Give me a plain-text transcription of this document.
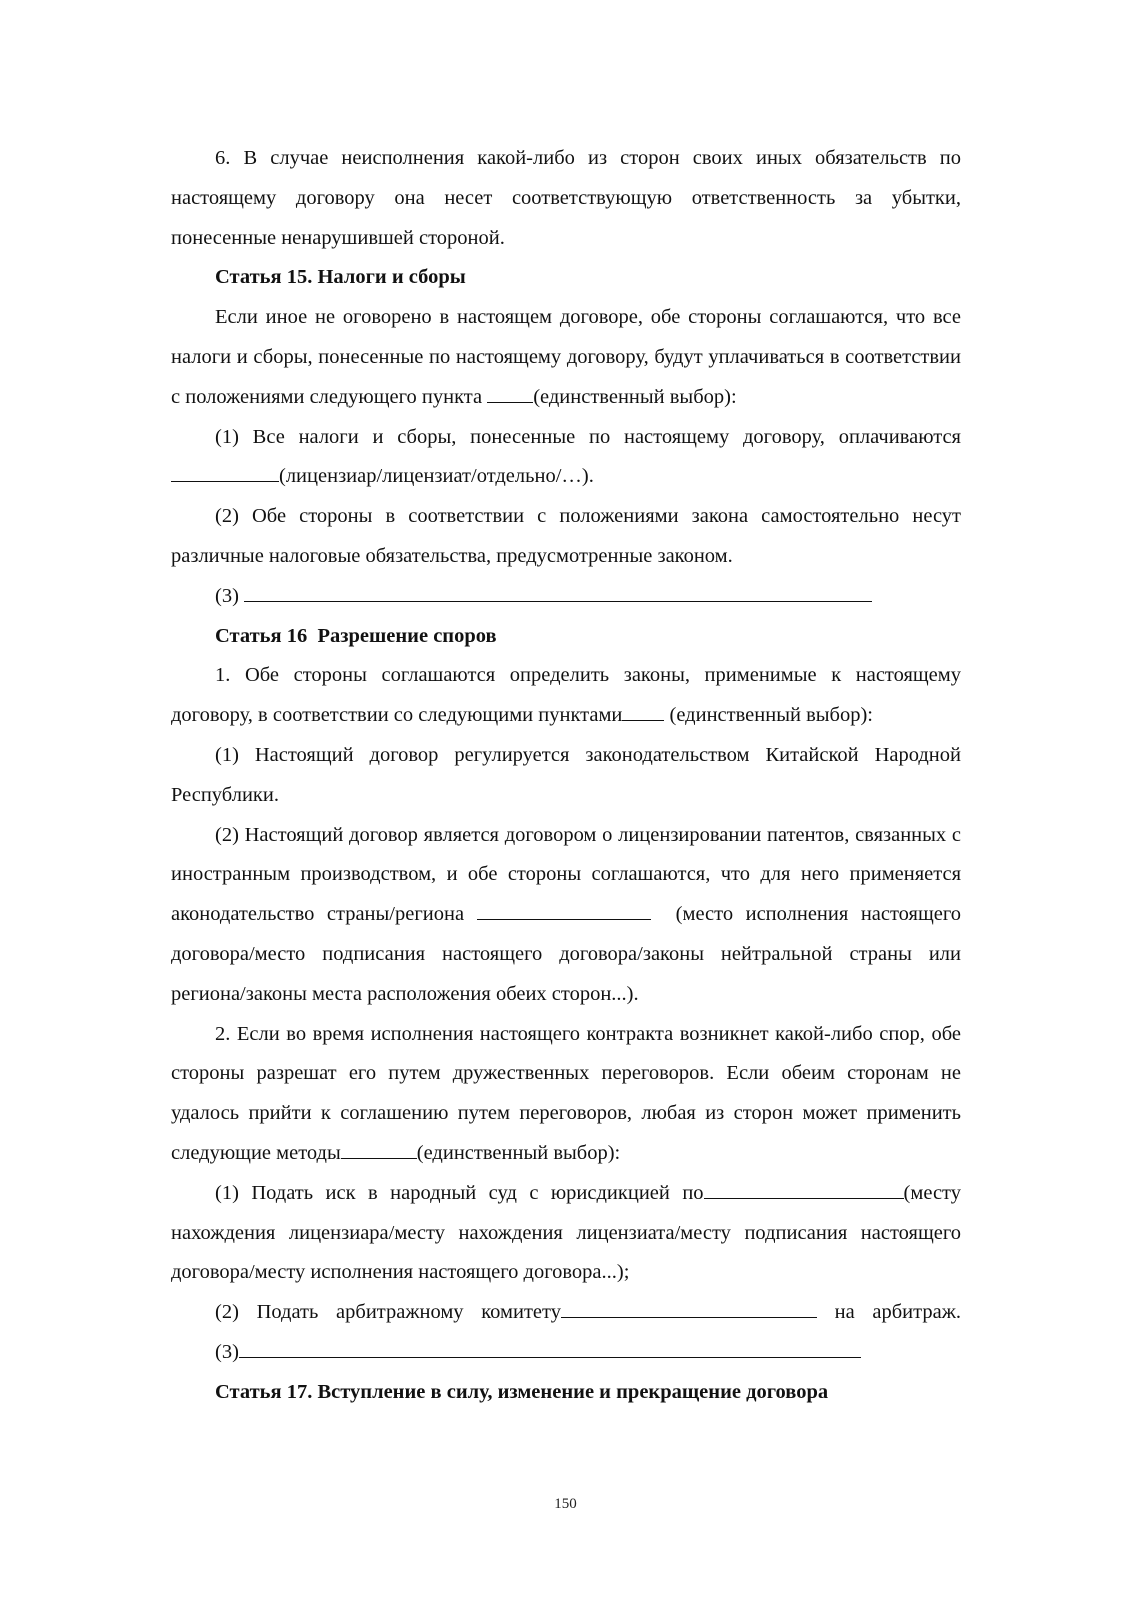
6. В случае неисполнения какой-либо из сторон своих иных обязательств по настоящему договору она несет соответствующую ответственность за убытки, понесенные ненарушившей стороной.

Статья 15. Налоги и сборы

Если иное не оговорено в настоящем договоре, обе стороны соглашаются, что все налоги и сборы, понесенные по настоящему договору, будут уплачиваться в соответствии с положениями следующего пункта (единственный выбор):

(1) Все налоги и сборы, понесенные по настоящему договору, оплачиваются(лицензиар/лицензиат/отдельно/…).

(2) Обе стороны в соответствии с положениями закона самостоятельно несут различные налоговые обязательства, предусмотренные законом.

(3)

Статья 16  Разрешение споров

1. Обе стороны соглашаются определить законы, применимые к настоящему договору, в соответствии со следующими пунктами (единственный выбор):

(1) Настоящий договор регулируется законодательством Китайской Народной Республики.

(2) Настоящий договор является договором о лицензировании патентов, связанных с иностранным производством, и обе стороны соглашаются, что для него применяется аконодательство страны/региона	(место исполнения настоящего договора/место подписания настоящего договора/законы нейтральной страны или региона/законы места расположения обеих сторон...).

2. Если во время исполнения настоящего контракта возникнет какой-либо спор, обе стороны разрешат его путем дружественных переговоров. Если обеим сторонам не удалось прийти к соглашению путем переговоров, любая из сторон может применить следующие методы	(единственный выбор):

(1) Подать иск в народный суд с юрисдикцией по	(месту нахождения лицензиара/месту нахождения лицензиата/месту подписания настоящего договора/месту исполнения настоящего договора...);

(2) Подать арбитражному комитету	на арбитраж.

(3)

Статья 17. Вступление в силу, изменение и прекращение договора

150
